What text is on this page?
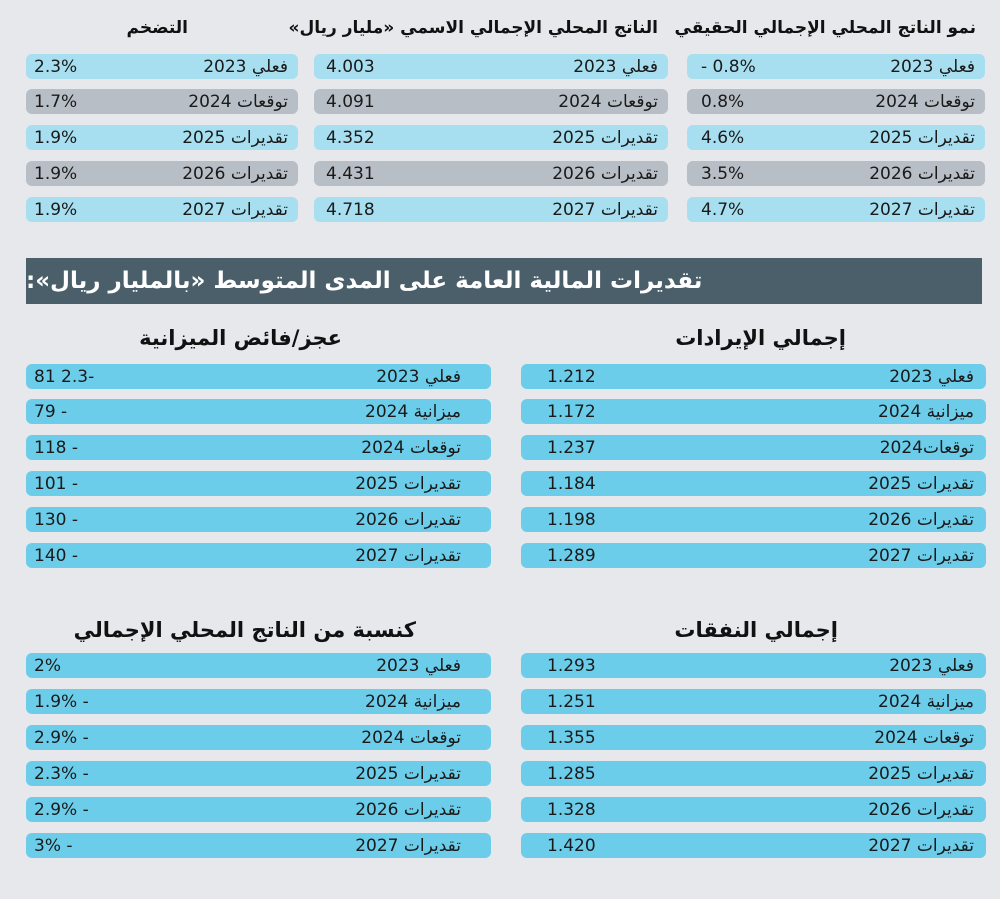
نمو الناتج المحلي الإجمالي الحقيقي
الناتج المحلي الإجمالي الاسمي «مليار ريال»
التضخم
- 0.8%	فعلي 2023
0.8%	توقعات 2024
4.6%	تقديرات 2025
3.5%	تقديرات 2026
4.7%	تقديرات 2027
4.003	فعلي 2023
4.091	توقعات 2024
4.352	تقديرات 2025
4.431	تقديرات 2026
4.718	تقديرات 2027
2.3%	فعلي 2023
1.7%	توقعات 2024
1.9%	تقديرات 2025
1.9%	تقديرات 2026
1.9%	تقديرات 2027
تقديرات المالية العامة على المدى المتوسط «بالمليار ريال»:
إجمالي الإيرادات
عجز/فائض الميزانية
إجمالي النفقات
كنسبة من الناتج المحلي الإجمالي
1.212	فعلي 2023
1.172	ميزانية 2024
1.237	توقعات2024
1.184	تقديرات 2025
1.198	تقديرات 2026
1.289	تقديرات 2027
81 2.3-	فعلي 2023
79 -	ميزانية 2024
118 -	توقعات 2024
101 -	تقديرات 2025
130 -	تقديرات 2026
140 -	تقديرات 2027
1.293	فعلي 2023
1.251	ميزانية 2024
1.355	توقعات 2024
1.285	تقديرات 2025
1.328	تقديرات 2026
1.420	تقديرات 2027
2%	فعلي 2023
1.9% -	ميزانية 2024
2.9% -	توقعات 2024
2.3% -	تقديرات 2025
2.9% -	تقديرات 2026
3% -	تقديرات 2027
